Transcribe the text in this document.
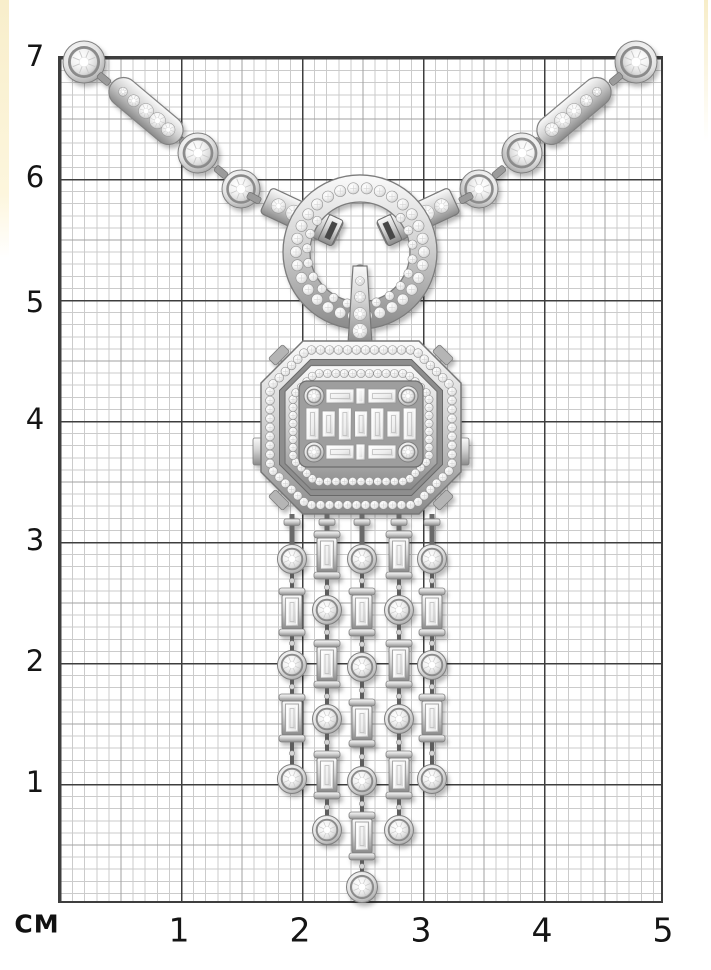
7
6
5
4
3
2
1
СМ	1	2	3	4	5
